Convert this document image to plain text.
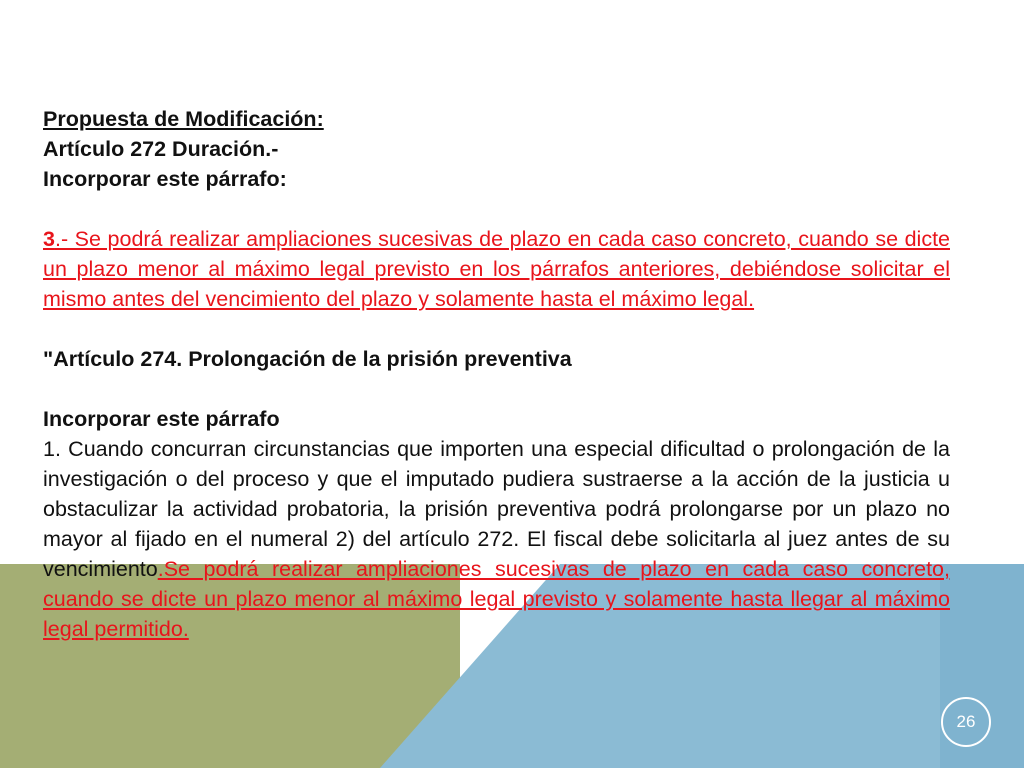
Propuesta de Modificación:

Artículo 272 Duración.-

Incorporar este párrafo:

3.- Se podrá realizar ampliaciones sucesivas de plazo en cada caso concreto, cuando se dicte un plazo menor al máximo legal previsto en los párrafos anteriores, debiéndose solicitar el mismo antes del vencimiento del plazo y solamente hasta el máximo legal.

"Artículo 274. Prolongación de la prisión preventiva

Incorporar este párrafo

1. Cuando concurran circunstancias que importen una especial dificultad o prolongación de la investigación o del proceso y que el imputado pudiera sustraerse a la acción de la justicia u obstaculizar la actividad probatoria, la prisión preventiva podrá prolongarse por un plazo no mayor al fijado en el numeral 2) del artículo 272. El fiscal debe solicitarla al juez antes de su vencimiento.Se podrá realizar ampliaciones sucesivas de plazo en cada caso concreto, cuando se dicte un plazo menor al máximo legal previsto y solamente hasta llegar al máximo legal permitido.

26
